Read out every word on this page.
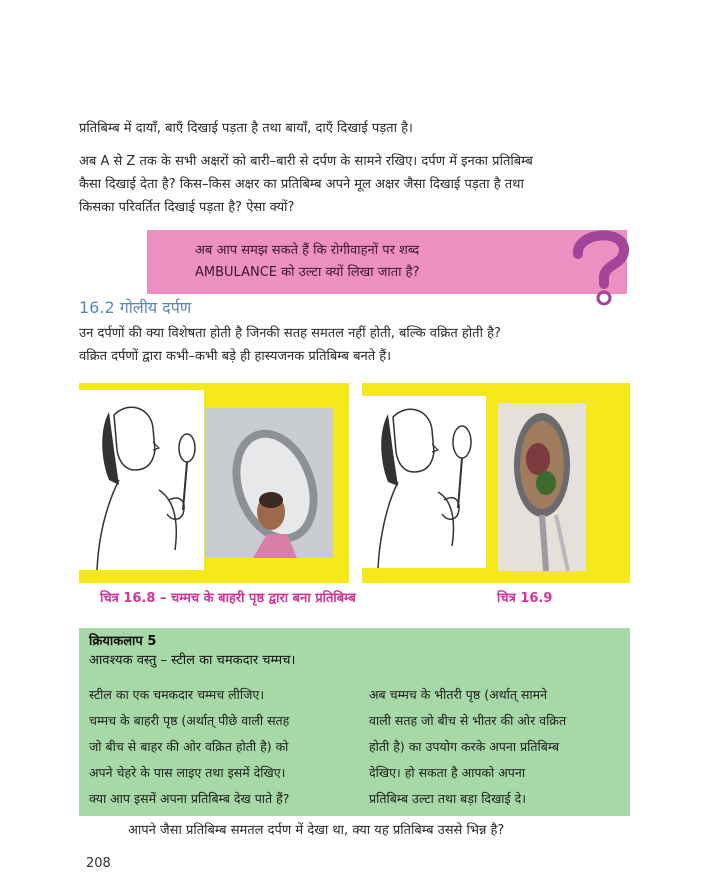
प्रतिबिम्ब में दायाँ, बाएँ दिखाई पड़ता है तथा बायाँ, दाएँ दिखाई पड़ता है।
अब A से Z तक के सभी अक्षरों को बारी–बारी से दर्पण के सामने रखिए। दर्पण में इनका प्रतिबिम्ब
कैसा दिखाई देता है? किस–किस अक्षर का प्रतिबिम्ब अपने मूल अक्षर जैसा दिखाई पड़ता है तथा
किसका परिवर्तित दिखाई पड़ता है? ऐसा क्यों?
अब आप समझ सकते हैं कि रोगीवाहनों पर शब्द
AMBULANCE को उल्टा क्यों लिखा जाता है?
16.2 गोलीय दर्पण
उन दर्पणों की क्या विशेषता होती है जिनकी सतह समतल नहीं होती, बल्कि वक्रित होती है?
वक्रित दर्पणों द्वारा कभी–कभी बड़े ही हास्यजनक प्रतिबिम्ब बनते हैं।
चित्र 16.8 – चम्मच के बाहरी पृष्ठ द्वारा बना प्रतिबिम्ब	चित्र 16.9
क्रियाकलाप 5
आवश्यक वस्तु – स्टील का चमकदार चम्मच।
स्टील का एक चमकदार चम्मच लीजिए।
चम्मच के बाहरी पृष्ठ (अर्थात् पीछे वाली सतह
जो बीच से बाहर की ओर वक्रित होती है) को
अपने चेहरे के पास लाइए तथा इसमें देखिए।
क्या आप इसमें अपना प्रतिबिम्ब देख पाते हैं?
अब चम्मच के भीतरी पृष्ठ (अर्थात् सामने
वाली सतह जो बीच से भीतर की ओर वक्रित
होती है) का उपयोग करके अपना प्रतिबिम्ब
देखिए। हो सकता है आपको अपना
प्रतिबिम्ब उल्टा तथा बड़ा दिखाई दे।
आपने जैसा प्रतिबिम्ब समतल दर्पण में देखा था, क्या यह प्रतिबिम्ब उससे भिन्न है?
208
